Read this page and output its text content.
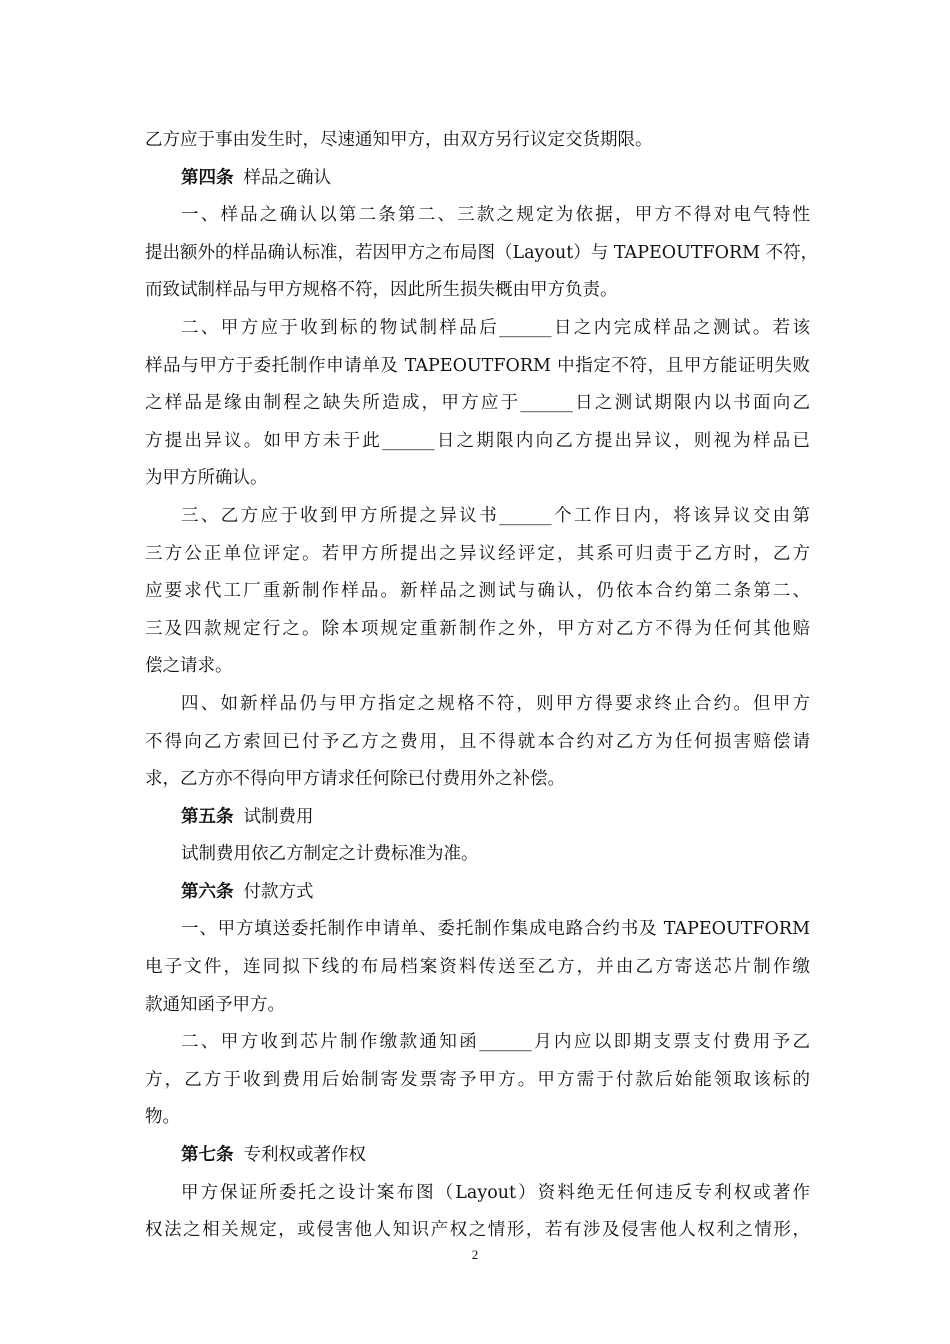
乙方应于事由发生时，尽速通知甲方，由双方另行议定交货期限。
第四条 样品之确认
一、样品之确认以第二条第二、三款之规定为依据，甲方不得对电气特性
提出额外的样品确认标准，若因甲方之布局图（Layout）与 TAPEOUTFORM 不符，
而致试制样品与甲方规格不符，因此所生损失概由甲方负责。
二、甲方应于收到标的物试制样品后______日之内完成样品之测试。若该
样品与甲方于委托制作申请单及 TAPEOUTFORM 中指定不符，且甲方能证明失败
之样品是缘由制程之缺失所造成，甲方应于______日之测试期限内以书面向乙
方提出异议。如甲方未于此______日之期限内向乙方提出异议，则视为样品已
为甲方所确认。
三、乙方应于收到甲方所提之异议书______个工作日内，将该异议交由第
三方公正单位评定。若甲方所提出之异议经评定，其系可归责于乙方时，乙方
应要求代工厂重新制作样品。新样品之测试与确认，仍依本合约第二条第二、
三及四款规定行之。除本项规定重新制作之外，甲方对乙方不得为任何其他赔
偿之请求。
四、如新样品仍与甲方指定之规格不符，则甲方得要求终止合约。但甲方
不得向乙方索回已付予乙方之费用，且不得就本合约对乙方为任何损害赔偿请
求，乙方亦不得向甲方请求任何除已付费用外之补偿。
第五条 试制费用
试制费用依乙方制定之计费标准为准。
第六条 付款方式
一、甲方填送委托制作申请单、委托制作集成电路合约书及 TAPEOUTFORM
电子文件，连同拟下线的布局档案资料传送至乙方，并由乙方寄送芯片制作缴
款通知函予甲方。
二、甲方收到芯片制作缴款通知函______月内应以即期支票支付费用予乙
方，乙方于收到费用后始制寄发票寄予甲方。甲方需于付款后始能领取该标的
物。
第七条 专利权或著作权
甲方保证所委托之设计案布图（Layout）资料绝无任何违反专利权或著作
权法之相关规定，或侵害他人知识产权之情形，若有涉及侵害他人权利之情形，
2
